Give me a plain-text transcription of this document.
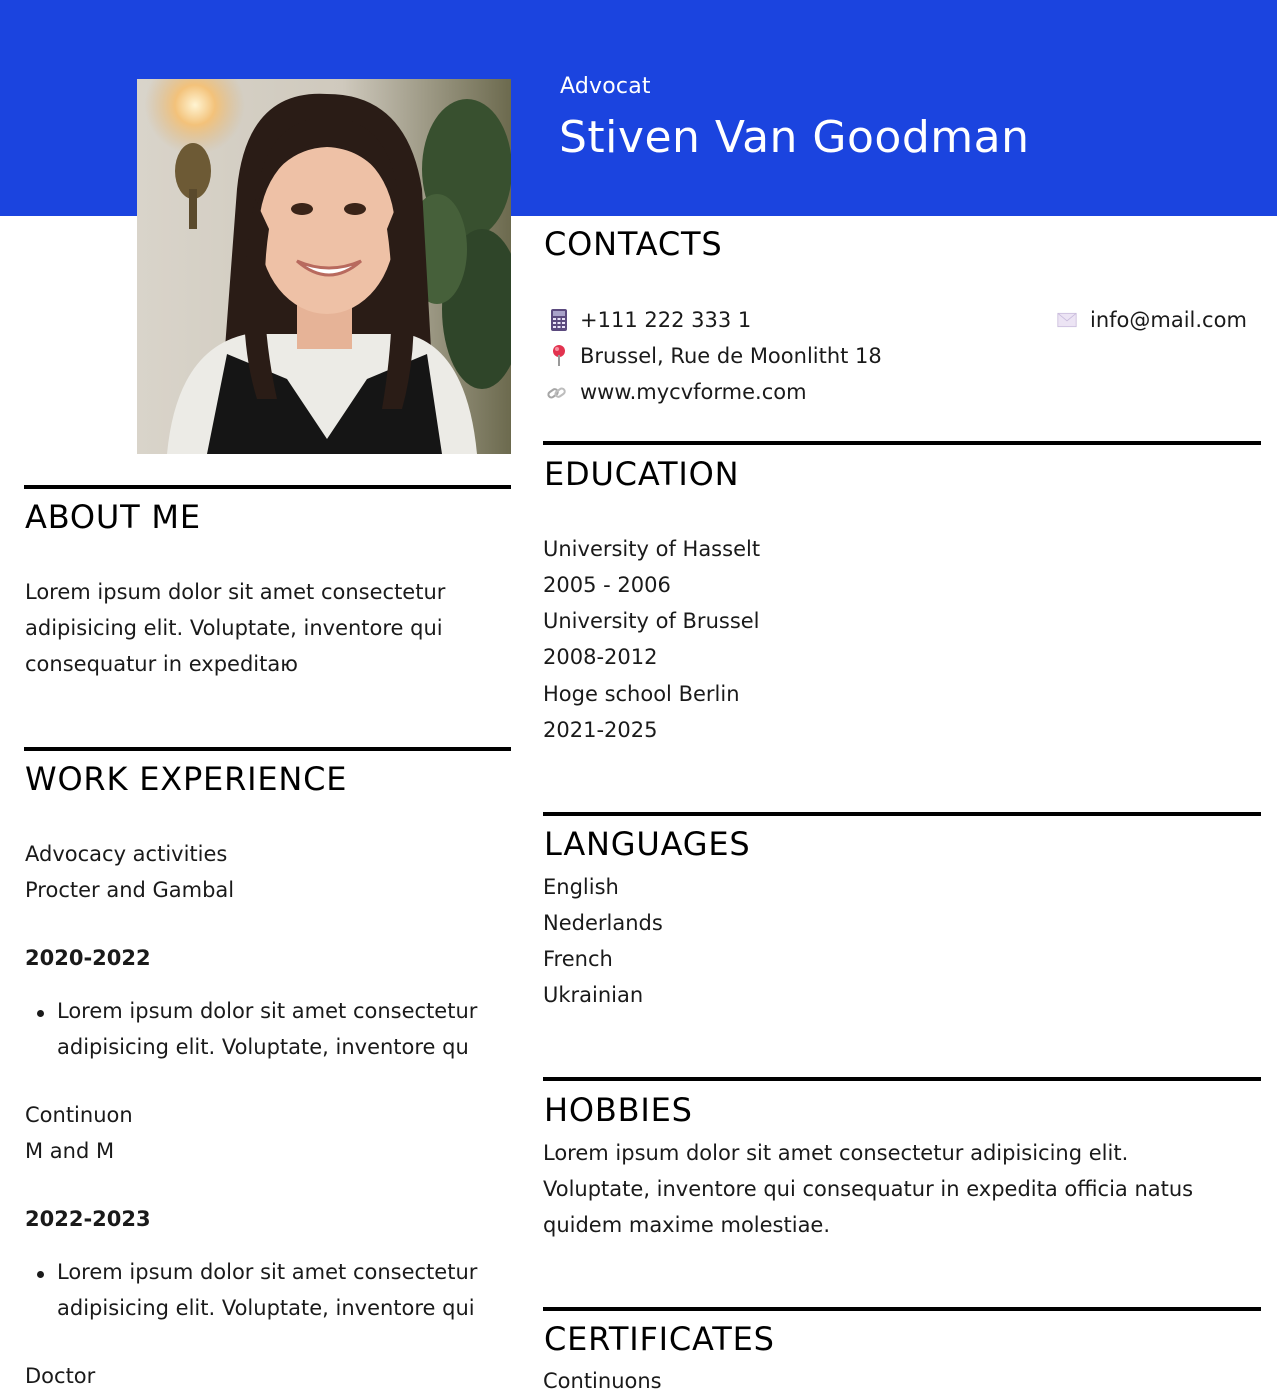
Advocat
Stiven Van Goodman
ABOUT ME
Lorem ipsum dolor sit amet consectetur
adipisicing elit. Voluptate, inventore qui
consequatur in expeditaю
WORK EXPERIENCE
Advocacy activities
Procter and Gambal
2020-2022
Lorem ipsum dolor sit amet consectetur
adipisicing elit. Voluptate, inventore qu
Continuon
M and M
2022-2023
Lorem ipsum dolor sit amet consectetur
adipisicing elit. Voluptate, inventore qui
Doctor
CONTACTS
+111 222 333 1	info@mail.com
Brussel, Rue de Moonlitht 18
www.mycvforme.com
EDUCATION
University of Hasselt
2005 - 2006
University of Brussel
2008-2012
Hoge school Berlin
2021-2025
LANGUAGES
English
Nederlands
French
Ukrainian
HOBBIES
Lorem ipsum dolor sit amet consectetur adipisicing elit.
Voluptate, inventore qui consequatur in expedita officia natus
quidem maxime molestiae.
CERTIFICATES
Continuons
